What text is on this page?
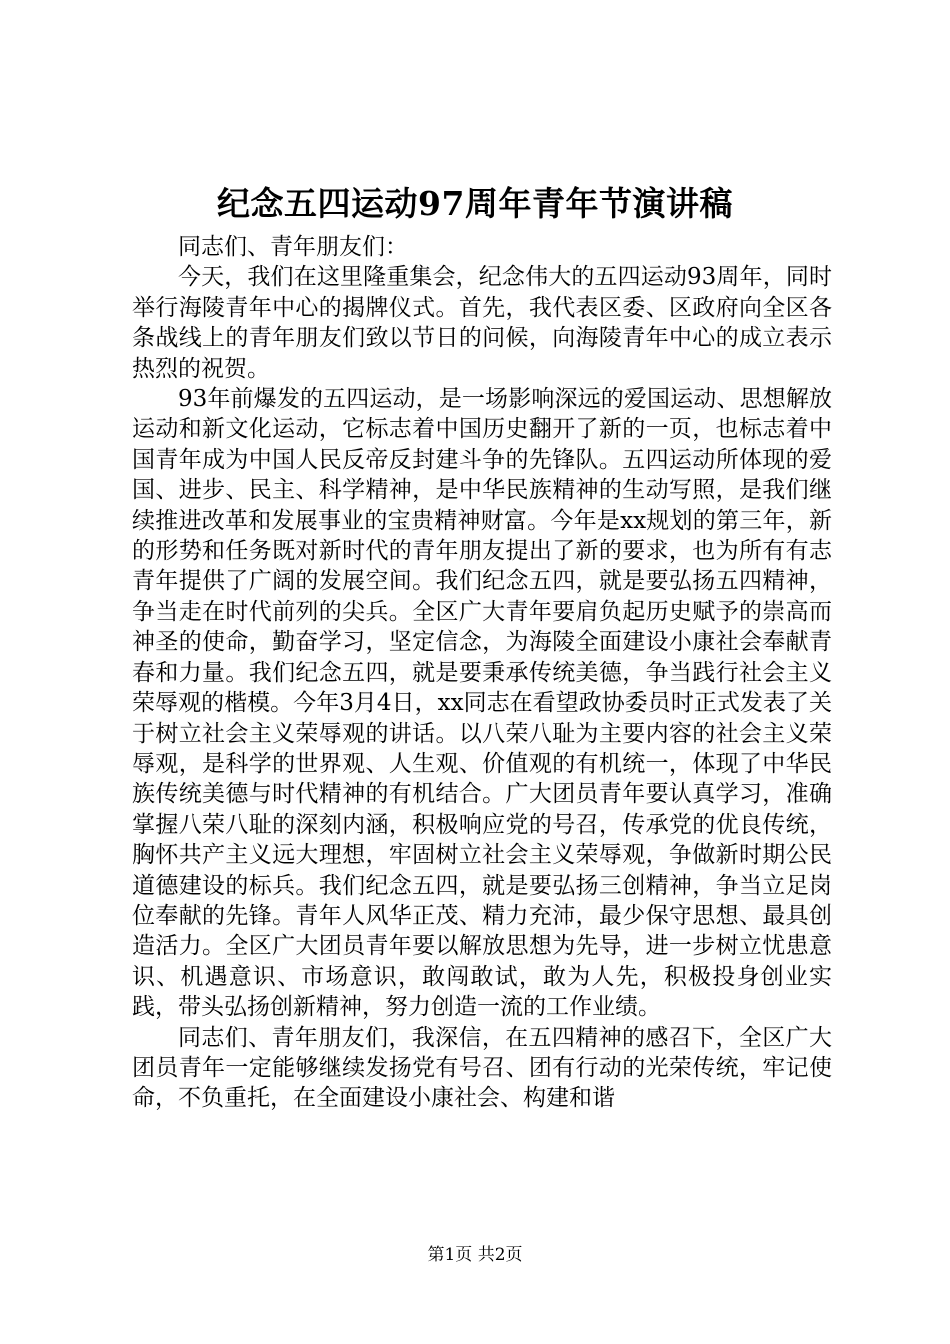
纪念五四运动97周年青年节演讲稿

同志们、青年朋友们：

今天，我们在这里隆重集会，纪念伟大的五四运动93周年，同时举行海陵青年中心的揭牌仪式。首先，我代表区委、区政府向全区各条战线上的青年朋友们致以节日的问候，向海陵青年中心的成立表示热烈的祝贺。

93年前爆发的五四运动，是一场影响深远的爱国运动、思想解放运动和新文化运动，它标志着中国历史翻开了新的一页，也标志着中国青年成为中国人民反帝反封建斗争的先锋队。五四运动所体现的爱国、进步、民主、科学精神，是中华民族精神的生动写照，是我们继续推进改革和发展事业的宝贵精神财富。今年是xx规划的第三年，新的形势和任务既对新时代的青年朋友提出了新的要求，也为所有有志青年提供了广阔的发展空间。我们纪念五四，就是要弘扬五四精神，争当走在时代前列的尖兵。全区广大青年要肩负起历史赋予的崇高而神圣的使命，勤奋学习，坚定信念，为海陵全面建设小康社会奉献青春和力量。我们纪念五四，就是要秉承传统美德，争当践行社会主义荣辱观的楷模。今年3月4日，xx同志在看望政协委员时正式发表了关于树立社会主义荣辱观的讲话。以八荣八耻为主要内容的社会主义荣辱观，是科学的世界观、人生观、价值观的有机统一，体现了中华民族传统美德与时代精神的有机结合。广大团员青年要认真学习，准确掌握八荣八耻的深刻内涵，积极响应党的号召，传承党的优良传统，胸怀共产主义远大理想，牢固树立社会主义荣辱观，争做新时期公民道德建设的标兵。我们纪念五四，就是要弘扬三创精神，争当立足岗位奉献的先锋。青年人风华正茂、精力充沛，最少保守思想、最具创造活力。全区广大团员青年要以解放思想为先导，进一步树立忧患意识、机遇意识、市场意识，敢闯敢试，敢为人先，积极投身创业实践，带头弘扬创新精神，努力创造一流的工作业绩。

同志们、青年朋友们，我深信，在五四精神的感召下，全区广大团员青年一定能够继续发扬党有号召、团有行动的光荣传统，牢记使命，不负重托，在全面建设小康社会、构建和谐

第1页 共2页
